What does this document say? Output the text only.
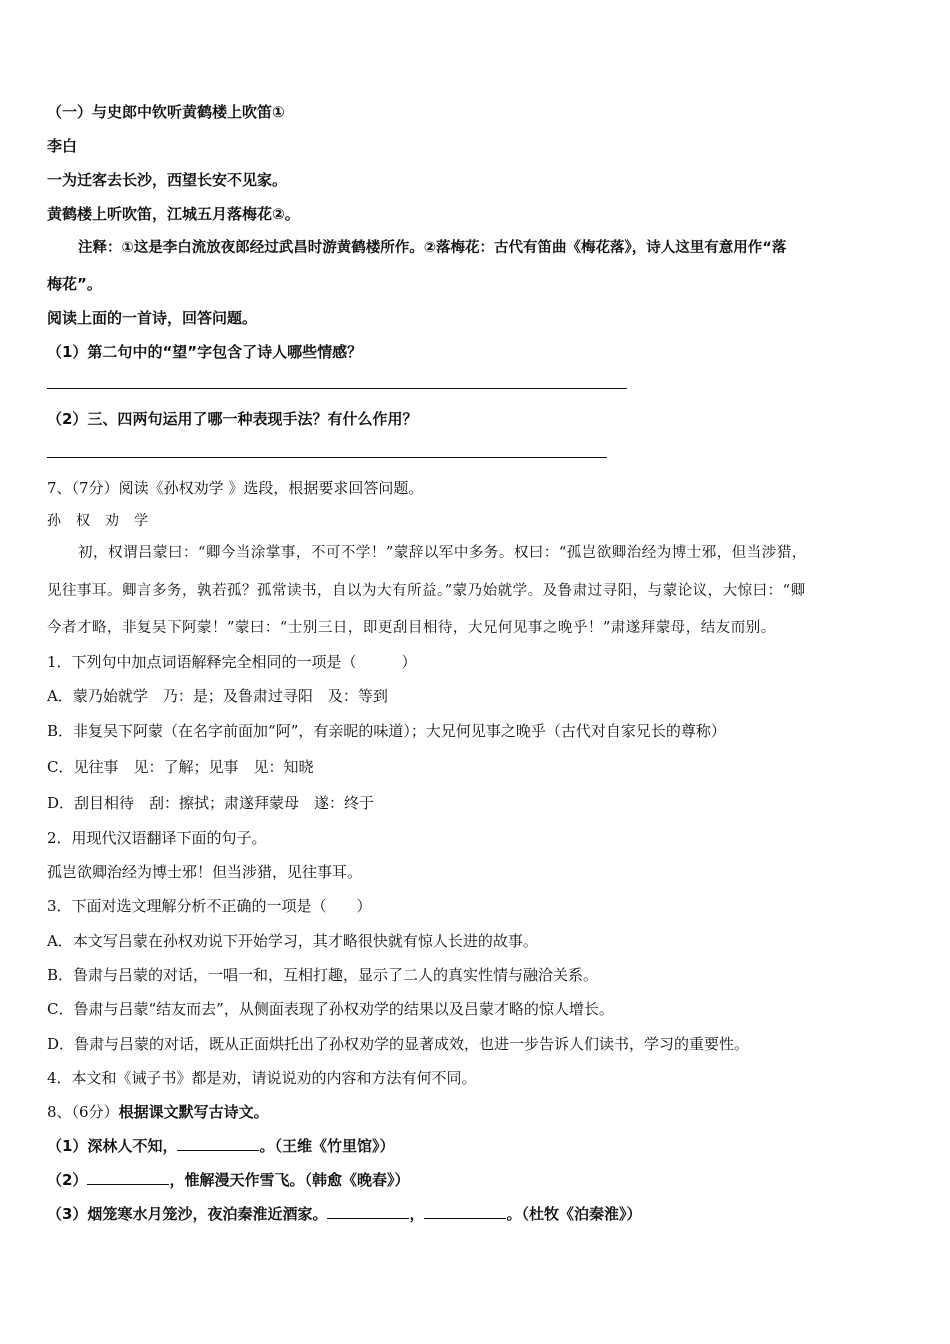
（一）与史郎中钦听黄鹤楼上吹笛①
李白
一为迁客去长沙，西望长安不见家。
黄鹤楼上听吹笛，江城五月落梅花②。
注释：①这是李白流放夜郎经过武昌时游黄鹤楼所作。②落梅花：古代有笛曲《梅花落》，诗人这里有意用作“落
梅花”。
阅读上面的一首诗，回答问题。
（1）第二句中的“望”字包含了诗人哪些情感？
（2）三、四两句运用了哪一种表现手法？有什么作用？
7、（7分）阅读《孙权劝学 》选段，根据要求回答问题。
孙　权　劝　学
初，权谓吕蒙曰：“卿今当涂掌事，不可不学！”蒙辞以军中多务。权曰：“孤岂欲卿治经为博士邪，但当涉猎，
见往事耳。卿言多务，孰若孤？孤常读书，自以为大有所益。”蒙乃始就学。及鲁肃过寻阳，与蒙论议，大惊曰：“卿
今者才略，非复吴下阿蒙！”蒙曰：“士别三日，即更刮目相待，大兄何见事之晚乎！”肃遂拜蒙母，结友而别。
1．下列句中加点词语解释完全相同的一项是（　　　）
A．蒙乃始就学　乃：是；及鲁肃过寻阳　及：等到
B．非复吴下阿蒙（在名字前面加“阿”，有亲昵的味道）；大兄何见事之晚乎（古代对自家兄长的尊称）
C．见往事　见：了解；见事　见：知晓
D．刮目相待　刮：擦拭；肃遂拜蒙母　遂：终于
2．用现代汉语翻译下面的句子。
孤岂欲卿治经为博士邪！但当涉猎，见往事耳。
3．下面对选文理解分析不正确的一项是（　　）
A．本文写吕蒙在孙权劝说下开始学习，其才略很快就有惊人长进的故事。
B．鲁肃与吕蒙的对话，一唱一和，互相打趣，显示了二人的真实性情与融洽关系。
C．鲁肃与吕蒙“结友而去”，从侧面表现了孙权劝学的结果以及吕蒙才略的惊人增长。
D．鲁肃与吕蒙的对话，既从正面烘托出了孙权劝学的显著成效，也进一步告诉人们读书，学习的重要性。
4．本文和《诫子书》都是劝，请说说劝的内容和方法有何不同。
8、（6分）根据课文默写古诗文。
（1）深林人不知，	。（王维《竹里馆》）
（2）	，惟解漫天作雪飞。（韩愈《晚春》）
（3）烟笼寒水月笼沙，夜泊秦淮近酒家。	，	。（杜牧《泊秦淮》）
